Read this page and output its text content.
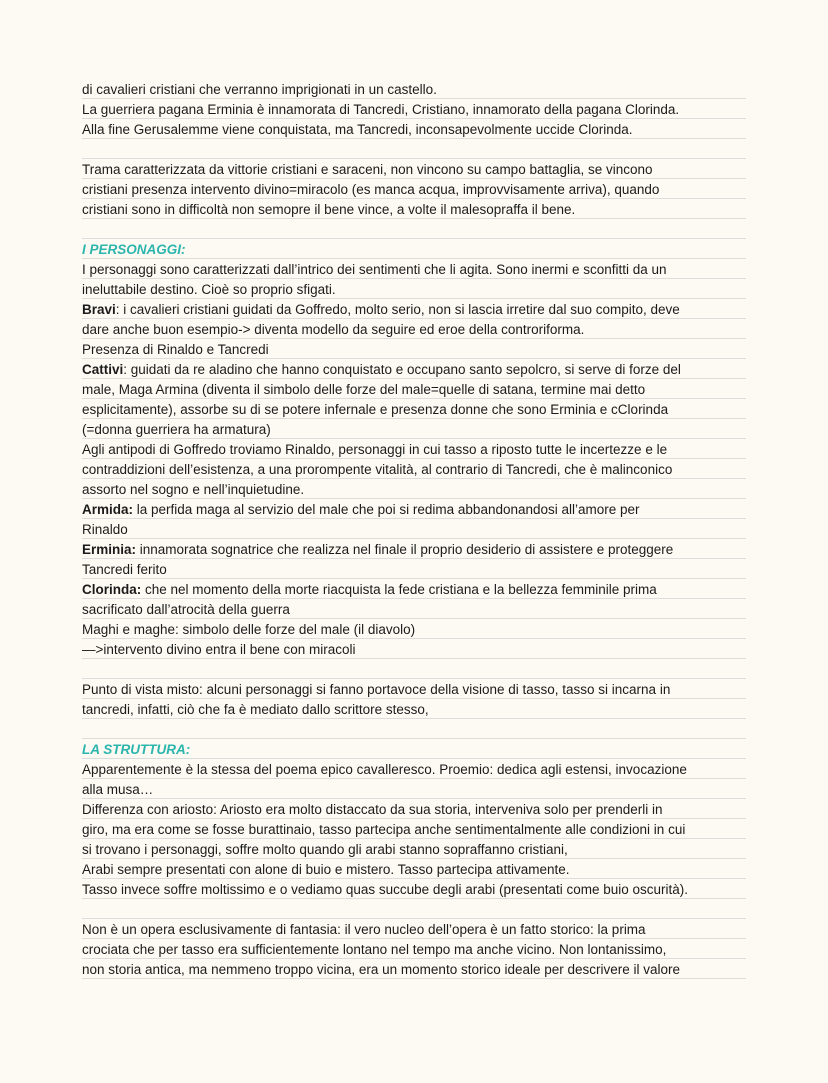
di cavalieri cristiani che verranno imprigionati in un castello.
La guerriera pagana Erminia è innamorata di Tancredi, Cristiano, innamorato della pagana Clorinda.
Alla fine Gerusalemme viene conquistata, ma Tancredi, inconsapevolmente uccide Clorinda.
Trama caratterizzata da vittorie cristiani e saraceni, non vincono su campo battaglia, se vincono
cristiani presenza intervento divino=miracolo (es manca acqua, improvvisamente arriva), quando
cristiani sono in difficoltà non semopre il bene vince, a volte il malesopraffa il bene.
I PERSONAGGI:
I personaggi sono caratterizzati dall’intrico dei sentimenti che li agita. Sono inermi e sconfitti da un
ineluttabile destino. Cioè so proprio sfigati.
Bravi: i cavalieri cristiani guidati da Goffredo, molto serio, non si lascia irretire dal suo compito, deve
dare anche buon esempio-> diventa modello da seguire ed eroe della controriforma.
Presenza di Rinaldo e Tancredi
Cattivi: guidati da re aladino che hanno conquistato e occupano santo sepolcro, si serve di forze del
male, Maga Armina (diventa il simbolo delle forze del male=quelle di satana, termine mai detto
esplicitamente), assorbe su di se potere infernale e presenza donne che sono Erminia e cClorinda
(=donna guerriera ha armatura)
Agli antipodi di Goffredo troviamo Rinaldo, personaggi in cui tasso a riposto tutte le incertezze e le
contraddizioni dell’esistenza, a una prorompente vitalità, al contrario di Tancredi, che è malinconico
assorto nel sogno e nell’inquietudine.
Armida: la perfida maga al servizio del male che poi si redima abbandonandosi all’amore per
Rinaldo
Erminia: innamorata sognatrice che realizza nel finale il proprio desiderio di assistere e proteggere
Tancredi ferito
Clorinda: che nel momento della morte riacquista la fede cristiana e la bellezza femminile prima
sacrificato dall’atrocità della guerra
Maghi e maghe: simbolo delle forze del male (il diavolo)
—>intervento divino entra il bene con miracoli
Punto di vista misto: alcuni personaggi si fanno portavoce della visione di tasso, tasso si incarna in
tancredi, infatti, ciò che fa è mediato dallo scrittore stesso,
LA STRUTTURA:
Apparentemente è la stessa del poema epico cavalleresco. Proemio: dedica agli estensi, invocazione
alla musa…
Differenza con ariosto: Ariosto era molto distaccato da sua storia, interveniva solo per prenderli in
giro, ma era come se fosse burattinaio, tasso partecipa anche sentimentalmente alle condizioni in cui
si trovano i personaggi, soffre molto quando gli arabi stanno sopraffanno cristiani,
Arabi sempre presentati con alone di buio e mistero. Tasso partecipa attivamente.
Tasso invece soffre moltissimo e o vediamo quas succube degli arabi (presentati come buio oscurità).
Non è un opera esclusivamente di fantasia: il vero nucleo dell’opera è un fatto storico: la prima
crociata che per tasso era sufficientemente lontano nel tempo ma anche vicino. Non lontanissimo,
non storia antica, ma nemmeno troppo vicina, era un momento storico ideale per descrivere il valore
